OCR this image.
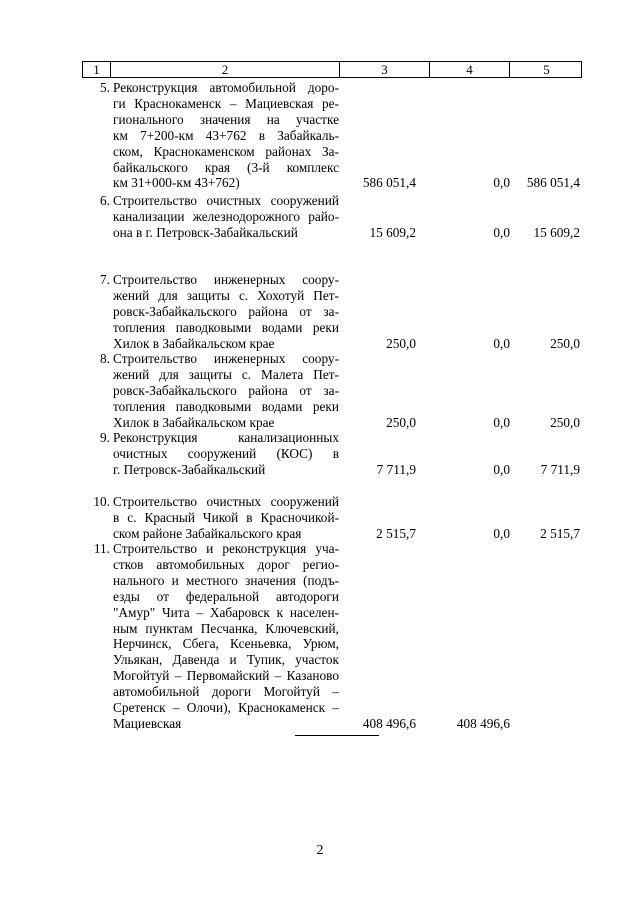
1	2	3	4	5
5. Реконструкция автомобильной доро-
ги Краснокаменск – Мациевская ре-
гионального значения на участке
км 7+200-км 43+762 в Забайкаль-
ском, Краснокаменском районах За-
байкальского края (3-й комплекс
км 31+000-км 43+762)	586 051,4	0,0	586 051,4
6. Строительство очистных сооружений
канализации железнодорожного райо-
она в г. Петровск-Забайкальский	15 609,2	0,0	15 609,2
7. Строительство инженерных соору-
жений для защиты с. Хохотуй Пет-
ровск-Забайкальского района от за-
топления паводковыми водами реки
Хилок в Забайкальском крае	250,0	0,0	250,0
8. Строительство инженерных соору-
жений для защиты с. Малета Пет-
ровск-Забайкальского района от за-
топления паводковыми водами реки
Хилок в Забайкальском крае	250,0	0,0	250,0
9. Реконструкция канализационных
очистных сооружений (КОС) в
г. Петровск-Забайкальский	7 711,9	0,0	7 711,9
10. Строительство очистных сооружений
в с. Красный Чикой в Красночикой-
ском районе Забайкальского края	2 515,7	0,0	2 515,7
11. Строительство и реконструкция уча-
стков автомобильных дорог регио-
нального и местного значения (подъ-
езды от федеральной автодороги
"Амур" Чита – Хабаровск к населен-
ным пунктам Песчанка, Ключевский,
Нерчинск, Сбега, Ксеньевка, Урюм,
Ульякан, Давенда и Тупик, участок
Могойтуй – Первомайский – Казаново
автомобильной дороги Могойтуй –
Сретенск – Олочи), Краснокаменск –
Мациевская	408 496,6	408 496,6
2
